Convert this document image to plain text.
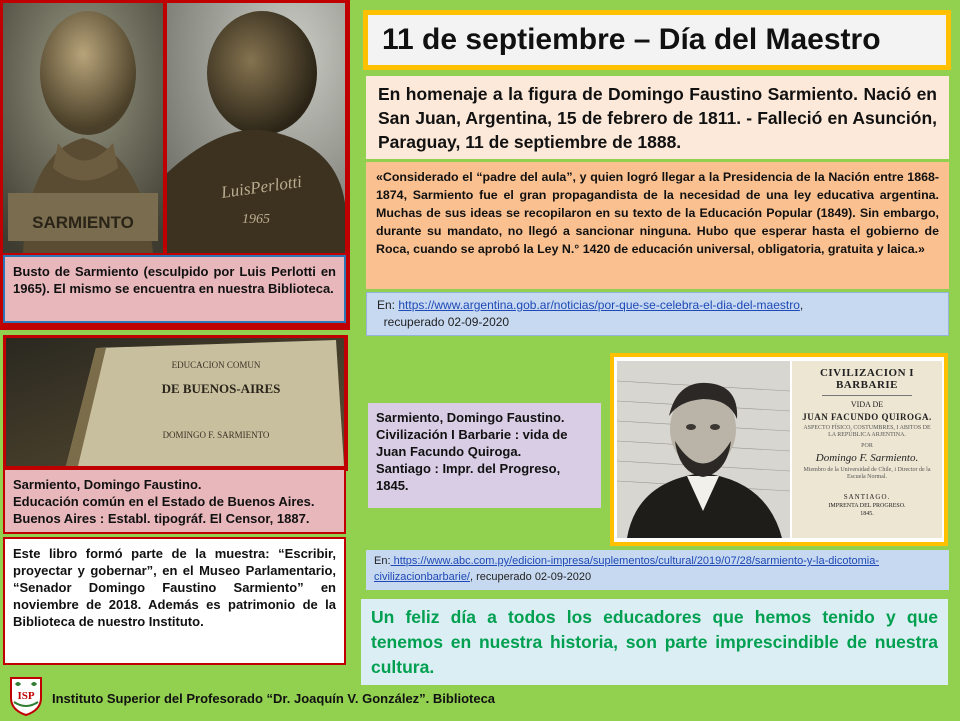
SARMIENTO
LuisPerlotti
1965
Busto de Sarmiento (esculpido por Luis Perlotti en 1965). El mismo se encuentra en nuestra Biblioteca.
EDUCACION COMUN
DE BUENOS-AIRES
DOMINGO F. SARMIENTO
Sarmiento, Domingo Faustino.
Educación común en el Estado de Buenos Aires.
Buenos Aires : Establ. tipográf. El Censor, 1887.
Este libro formó parte de la muestra: “Escribir, proyectar y gobernar”, en el Museo Parlamentario, “Senador Domingo Faustino Sarmiento” en noviembre de 2018. Además es patrimonio de la Biblioteca de nuestro Instituto.
11 de septiembre – Día del Maestro
En homenaje a la figura de Domingo Faustino Sarmiento. Nació en San Juan, Argentina, 15 de febrero de 1811. - Falleció en Asunción, Paraguay, 11 de septiembre de 1888.
«Considerado el “padre del aula”, y quien logró llegar a la Presidencia de la Nación entre 1868-1874, Sarmiento fue el gran propagandista de la necesidad de una ley educativa argentina. Muchas de sus ideas se recopilaron en su texto de la Educación Popular (1849). Sin embargo, durante su mandato, no llegó a sancionar ninguna. Hubo que esperar hasta el gobierno de Roca, cuando se aprobó la Ley N.° 1420 de educación universal, obligatoria, gratuita y laica.»
En: https://www.argentina.gob.ar/noticias/por-que-se-celebra-el-dia-del-maestro,
recuperado 02-09-2020
Sarmiento, Domingo Faustino.
Civilización I Barbarie : vida de Juan Facundo Quiroga.
Santiago : Impr. del Progreso, 1845.
CIVILIZACION I BARBARIE
VIDA DE
JUAN FACUNDO QUIROGA.
ASPECTO FÍSICO, COSTUMBRES, I ABITOS DE LA REPÚBLICA ARJENTINA.
POR
Domingo F. Sarmiento.
Miembro de la Universidad de Chile, i Director de la Escuela Normal.
SANTIAGO.
IMPRENTA DEL PROGRESO.
1845.
En: https://www.abc.com.py/edicion-impresa/suplementos/cultural/2019/07/28/sarmiento-y-la-dicotomia-civilizacionbarbarie/, recuperado 02-09-2020
Un feliz día a todos los educadores que hemos tenido y que tenemos en nuestra historia, son parte imprescindible de nuestra cultura.
ISP Instituto Superior del Profesorado “Dr. Joaquín V. González”. Biblioteca
